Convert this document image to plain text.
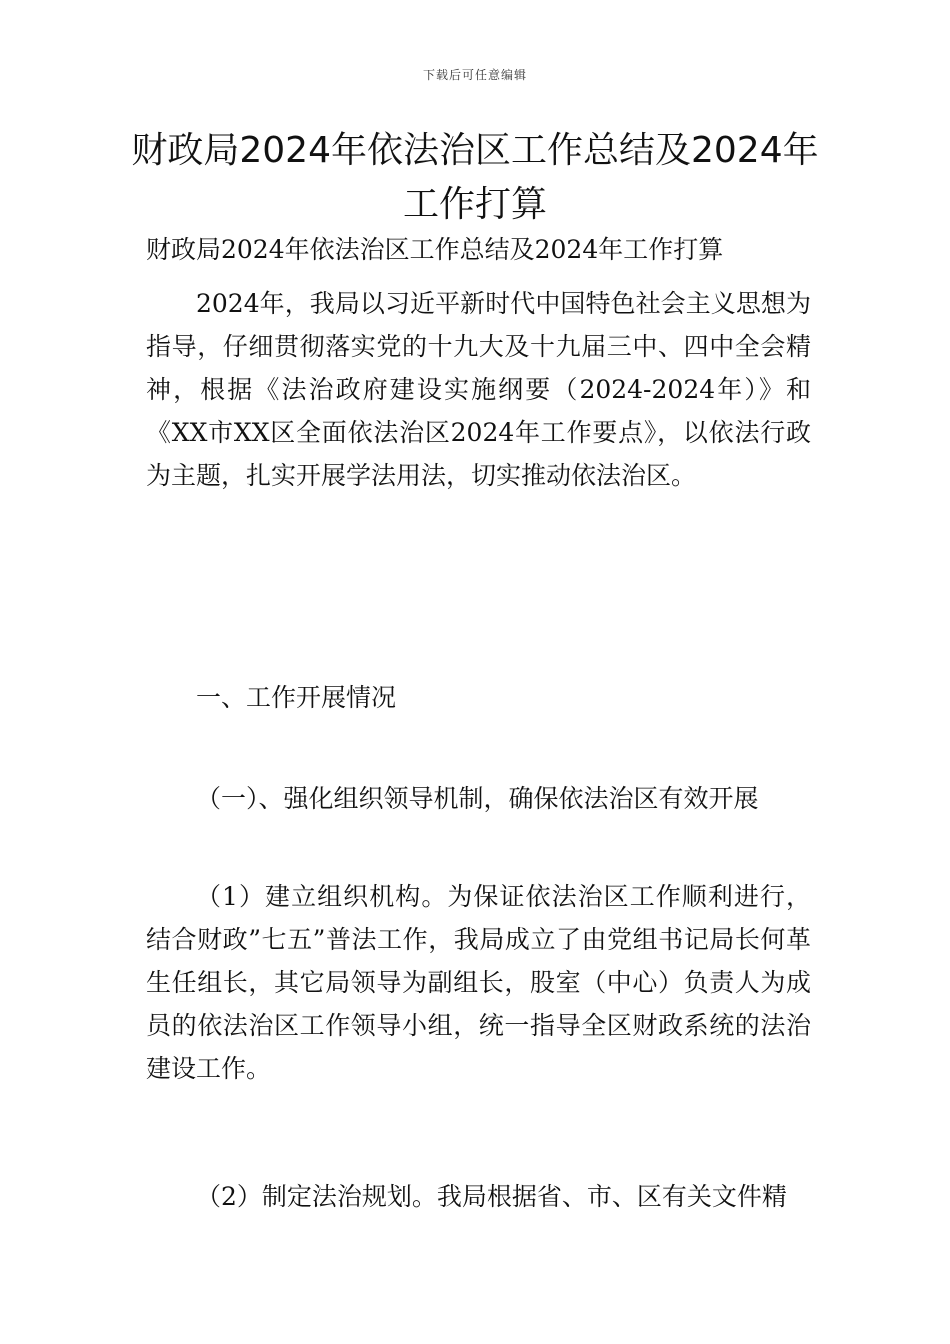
下载后可任意编辑
财政局2024年依法治区工作总结及2024年工作打算

财政局2024年依法治区工作总结及2024年工作打算

2024年，我局以习近平新时代中国特色社会主义思想为指导，仔细贯彻落实党的十九大及十九届三中、四中全会精神，根据《法治政府建设实施纲要（2024-2024年）》和《XX市XX区全面依法治区2024年工作要点》，以依法行政为主题，扎实开展学法用法，切实推动依法治区。

一、工作开展情况

（一）、强化组织领导机制，确保依法治区有效开展

（1）建立组织机构。为保证依法治区工作顺利进行，结合财政”七五”普法工作，我局成立了由党组书记局长何革生任组长，其它局领导为副组长，股室（中心）负责人为成员的依法治区工作领导小组，统一指导全区财政系统的法治建设工作。

（2）制定法治规划。我局根据省、市、区有关文件精
